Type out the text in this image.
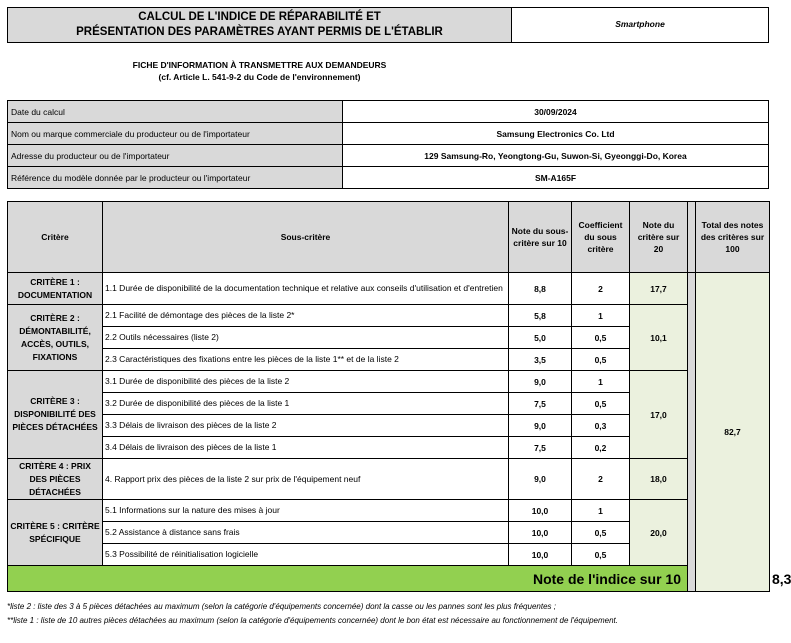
CALCUL DE L'INDICE DE RÉPARABILITÉ ET
PRÉSENTATION DES PARAMÈTRES AYANT PERMIS DE L'ÉTABLIR
Smartphone
FICHE D'INFORMATION À TRANSMETTRE AUX DEMANDEURS
(cf. Article L. 541-9-2 du Code de l'environnement)
Date du calcul	30/09/2024
Nom ou marque commerciale du producteur ou de l'importateur	Samsung Electronics Co. Ltd
Adresse du producteur ou de l'importateur	129 Samsung-Ro, Yeongtong-Gu, Suwon-Si, Gyeonggi-Do, Korea
Référence du modèle donnée par le producteur ou l'importateur	SM-A165F
Critère	Sous-critère	Note du sous-critère sur 10	Coefficient du sous critère	Note du critère sur 20		Total des notes des critères sur 100	
CRITÈRE 1 : DOCUMENTATION	1.1 Durée de disponibilité de la documentation technique et relative aux conseils d'utilisation et d'entretien	8,8	2	17,7		82,7	
CRITÈRE 2 : DÉMONTABILITÉ, ACCÈS, OUTILS, FIXATIONS	2.1 Facilité de démontage des pièces de la liste 2*	5,8	1	10,1			
	2.2 Outils nécessaires (liste 2)	5,0	0,5				
	2.3 Caractéristiques des fixations entre les pièces de la liste 1** et de la liste 2	3,5	0,5				
CRITÈRE 3 : DISPONIBILITÉ DES PIÈCES DÉTACHÉES	3.1 Durée de disponibilité des pièces de la liste 2	9,0	1	17,0			
	3.2 Durée de disponibilité des pièces de la liste 1	7,5	0,5				
	3.3 Délais de livraison des pièces de la liste 2	9,0	0,3				
	3.4 Délais de livraison des pièces de la liste 1	7,5	0,2				
CRITÈRE 4 : PRIX DES PIÈCES DÉTACHÉES	4. Rapport prix des pièces de la liste 2 sur prix de l'équipement neuf	9,0	2	18,0			
CRITÈRE 5 : CRITÈRE SPÉCIFIQUE	5.1 Informations sur la nature des mises à jour	10,0	1	20,0			
	5.2 Assistance à distance sans frais	10,0	0,5				
	5.3 Possibilité de réinitialisation logicielle	10,0	0,5				
Note de l'indice sur 10							8,3
*liste 2 : liste des 3 à 5 pièces détachées au maximum (selon la catégorie d'équipements concernée) dont la casse ou les pannes sont les plus fréquentes ;
**liste 1 : liste de 10 autres pièces détachées au maximum (selon la catégorie d'équipements concernée) dont le bon état est nécessaire au fonctionnement de l'équipement.
